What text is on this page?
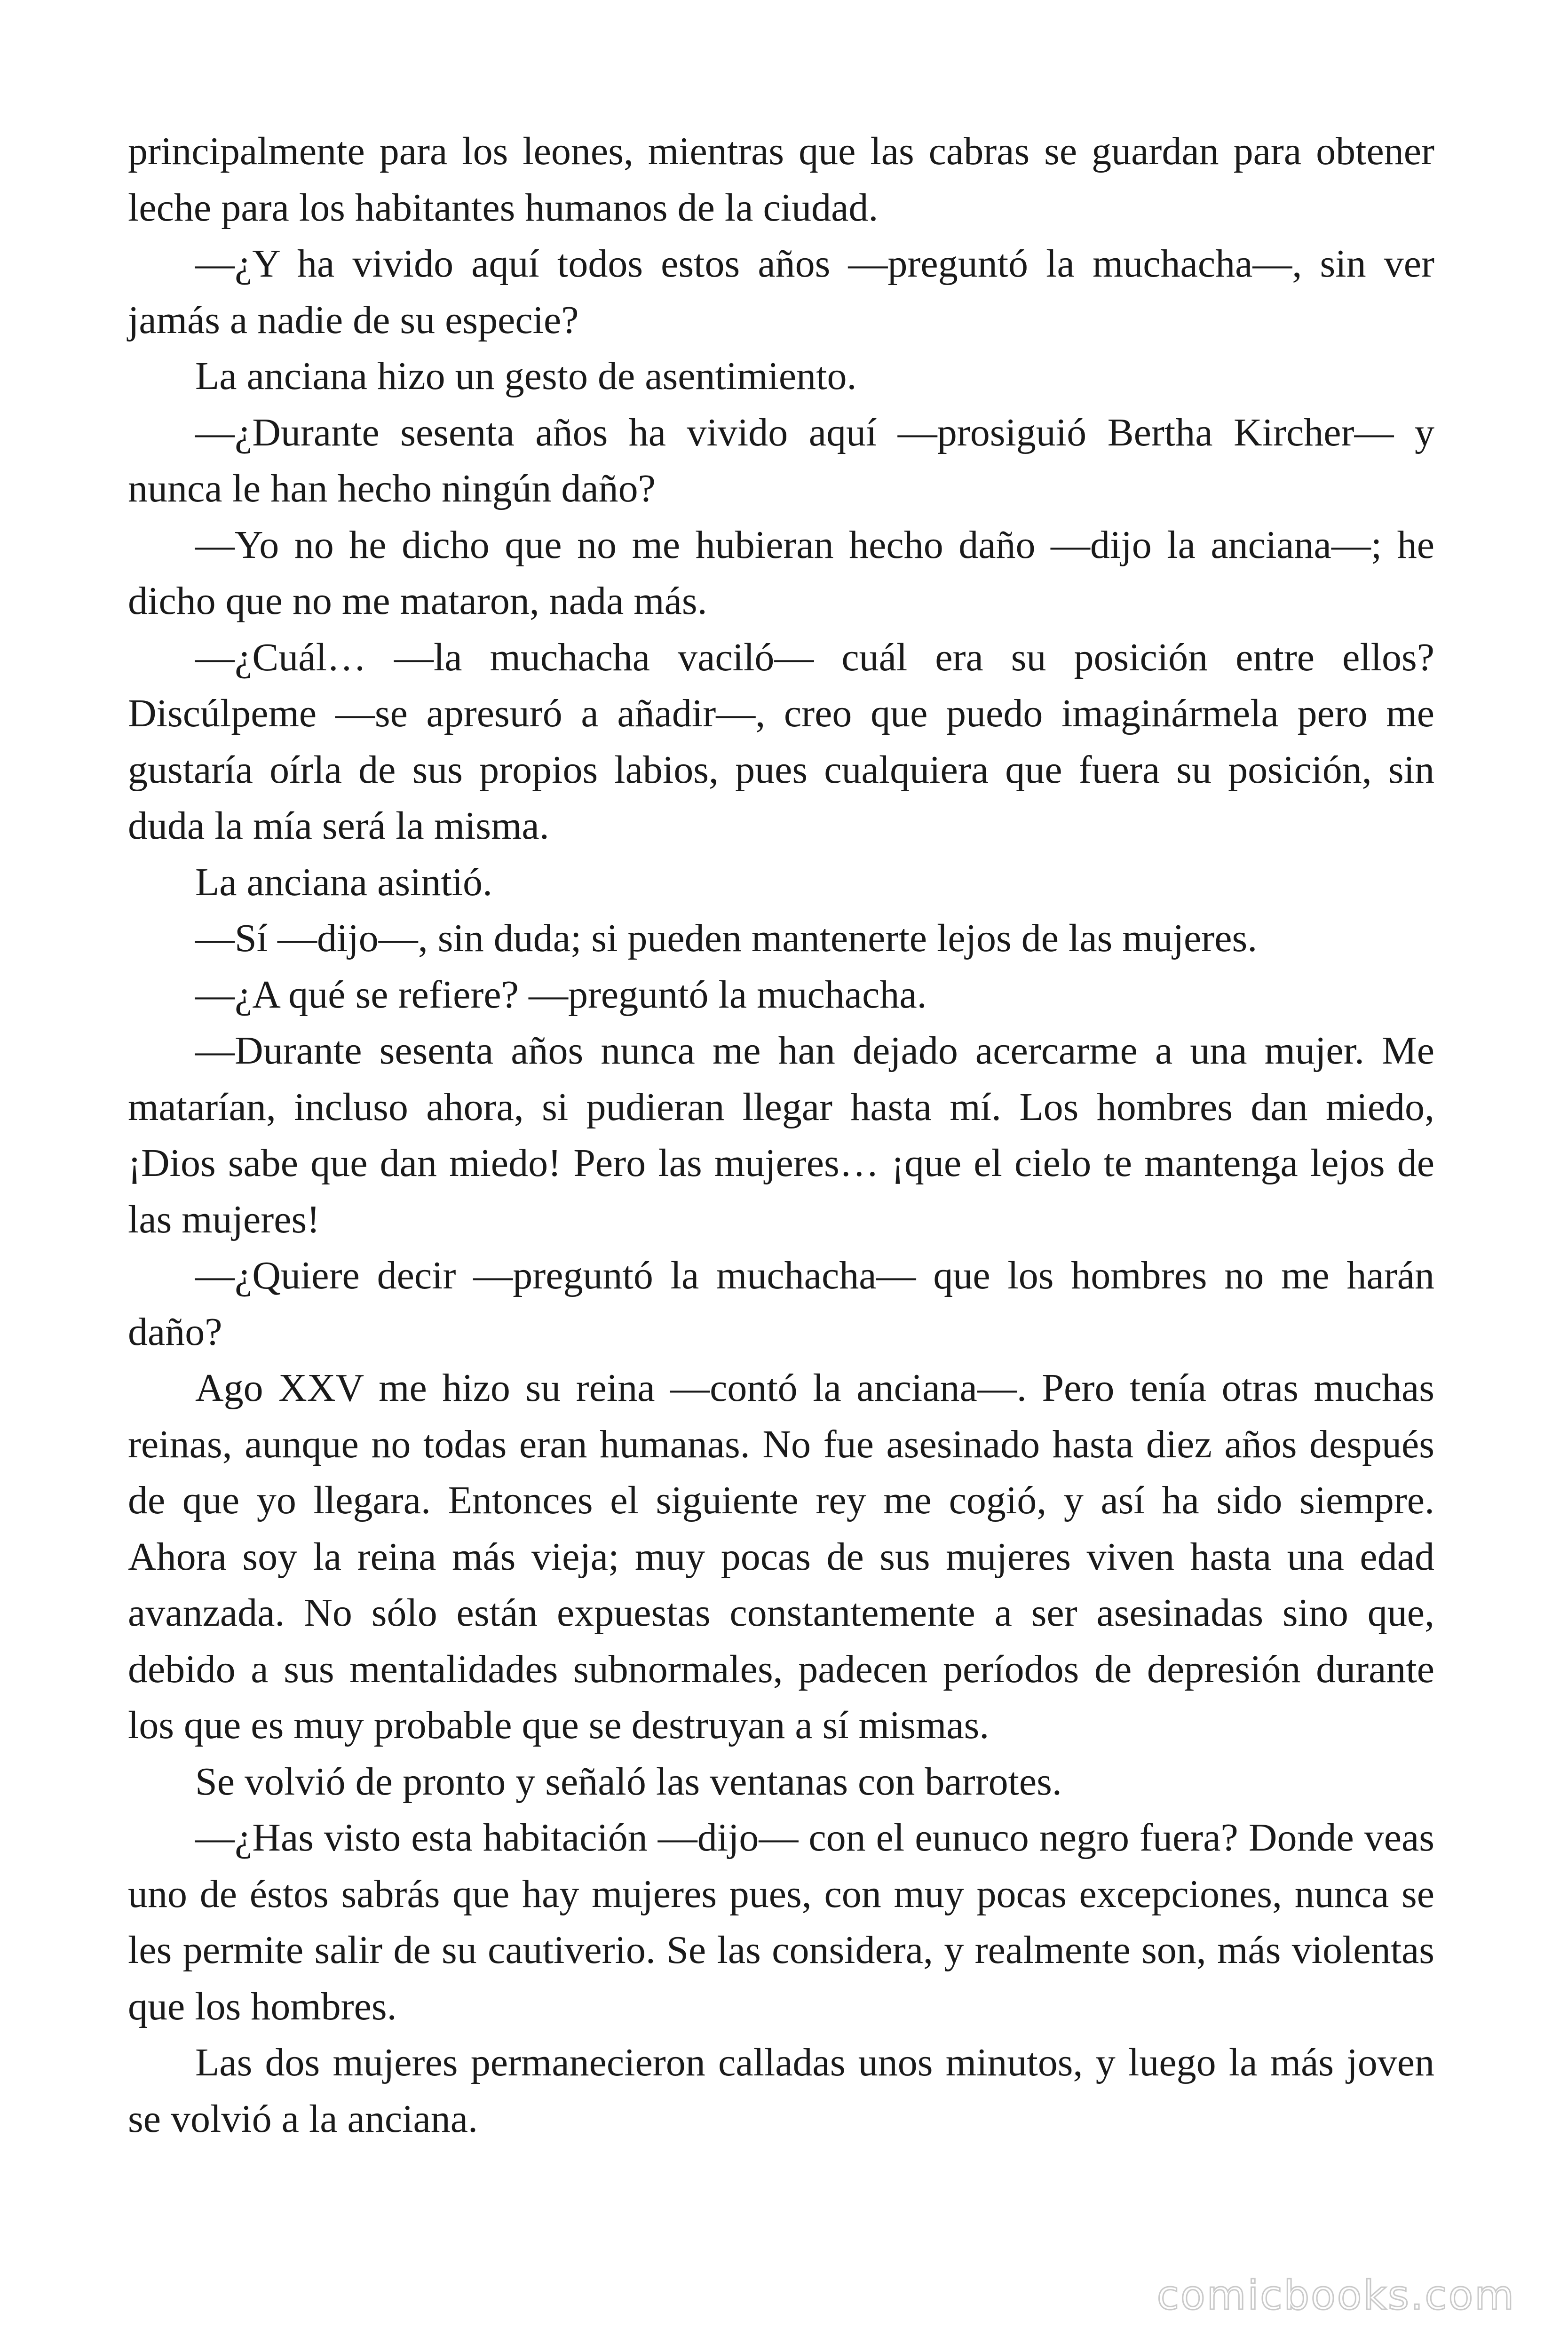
principalmente para los leones, mientras que las cabras se guardan para obtener leche para los habitantes humanos de la ciudad.

—¿Y ha vivido aquí todos estos años —preguntó la muchacha—, sin ver jamás a nadie de su especie?

La anciana hizo un gesto de asentimiento.

—¿Durante sesenta años ha vivido aquí —prosiguió Bertha Kircher— y nunca le han hecho ningún daño?

—Yo no he dicho que no me hubieran hecho daño —dijo la anciana—; he dicho que no me mataron, nada más.

—¿Cuál… —la muchacha vaciló— cuál era su posición entre ellos? Discúlpeme —se apresuró a añadir—, creo que puedo imaginármela pero me gustaría oírla de sus propios labios, pues cualquiera que fuera su posición, sin duda la mía será la misma.

La anciana asintió.

—Sí —dijo—, sin duda; si pueden mantenerte lejos de las mujeres.

—¿A qué se refiere? —preguntó la muchacha.

—Durante sesenta años nunca me han dejado acercarme a una mujer. Me matarían, incluso ahora, si pudieran llegar hasta mí. Los hombres dan miedo, ¡Dios sabe que dan miedo! Pero las mujeres… ¡que el cielo te mantenga lejos de las mujeres!

—¿Quiere decir —preguntó la muchacha— que los hombres no me harán daño?

Ago XXV me hizo su reina —contó la anciana—. Pero tenía otras muchas reinas, aunque no todas eran humanas. No fue asesinado hasta diez años después de que yo llegara. Entonces el siguiente rey me cogió, y así ha sido siempre. Ahora soy la reina más vieja; muy pocas de sus mujeres viven hasta una edad avanzada. No sólo están expuestas constantemente a ser asesinadas sino que, debido a sus mentalidades subnormales, padecen períodos de depresión durante los que es muy probable que se destruyan a sí mismas.

Se volvió de pronto y señaló las ventanas con barrotes.

—¿Has visto esta habitación —dijo— con el eunuco negro fuera? Donde veas uno de éstos sabrás que hay mujeres pues, con muy pocas excepciones, nunca se les permite salir de su cautiverio. Se las considera, y realmente son, más violentas que los hombres.

Las dos mujeres permanecieron calladas unos minutos, y luego la más joven se volvió a la anciana.

comicbooks.com
